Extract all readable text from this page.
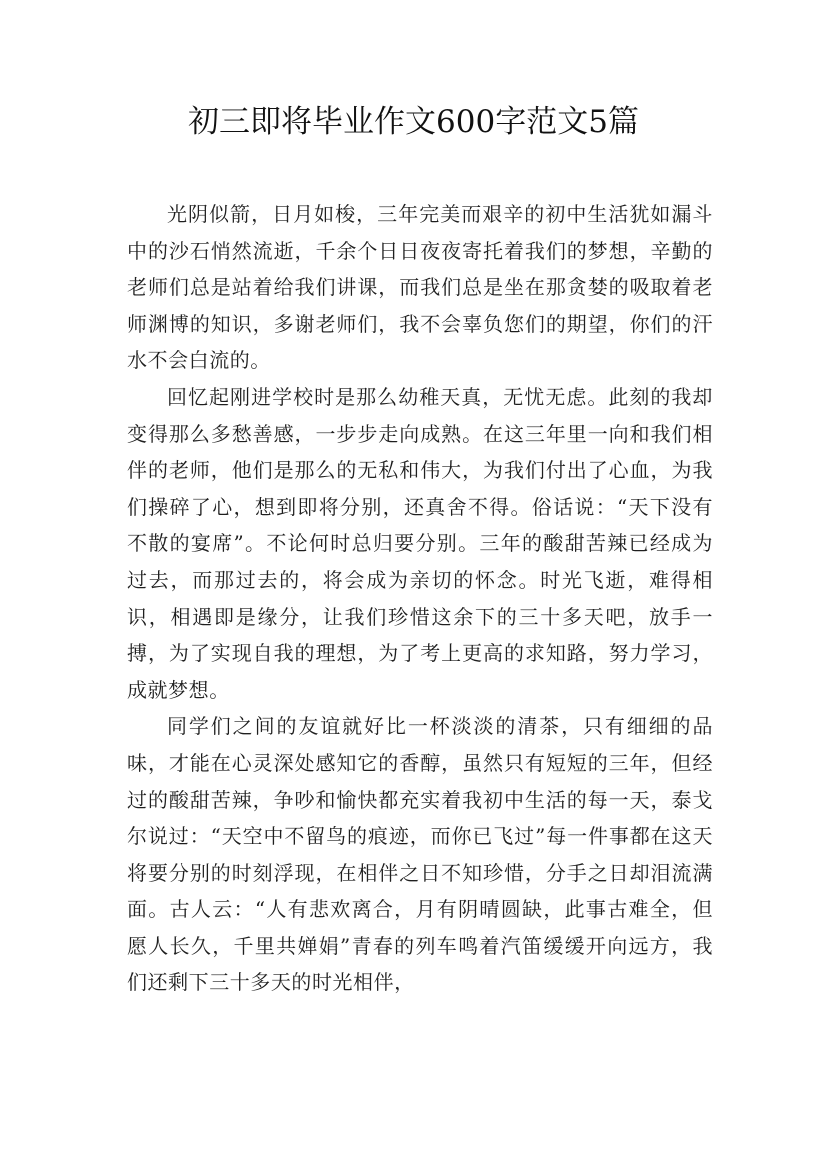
初三即将毕业作文600字范文5篇

光阴似箭，日月如梭，三年完美而艰辛的初中生活犹如漏斗中的沙石悄然流逝，千余个日日夜夜寄托着我们的梦想，辛勤的老师们总是站着给我们讲课，而我们总是坐在那贪婪的吸取着老师渊博的知识，多谢老师们，我不会辜负您们的期望，你们的汗水不会白流的。

回忆起刚进学校时是那么幼稚天真，无忧无虑。此刻的我却变得那么多愁善感，一步步走向成熟。在这三年里一向和我们相伴的老师，他们是那么的无私和伟大，为我们付出了心血，为我们操碎了心，想到即将分别，还真舍不得。俗话说：“天下没有不散的宴席”。不论何时总归要分别。三年的酸甜苦辣已经成为过去，而那过去的，将会成为亲切的怀念。时光飞逝，难得相识，相遇即是缘分，让我们珍惜这余下的三十多天吧，放手一搏，为了实现自我的理想，为了考上更高的求知路，努力学习，成就梦想。

同学们之间的友谊就好比一杯淡淡的清茶，只有细细的品味，才能在心灵深处感知它的香醇，虽然只有短短的三年，但经过的酸甜苦辣，争吵和愉快都充实着我初中生活的每一天，泰戈尔说过：“天空中不留鸟的痕迹，而你已飞过”每一件事都在这天将要分别的时刻浮现，在相伴之日不知珍惜，分手之日却泪流满面。古人云：“人有悲欢离合，月有阴晴圆缺，此事古难全，但愿人长久，千里共婵娟”青春的列车鸣着汽笛缓缓开向远方，我们还剩下三十多天的时光相伴，
